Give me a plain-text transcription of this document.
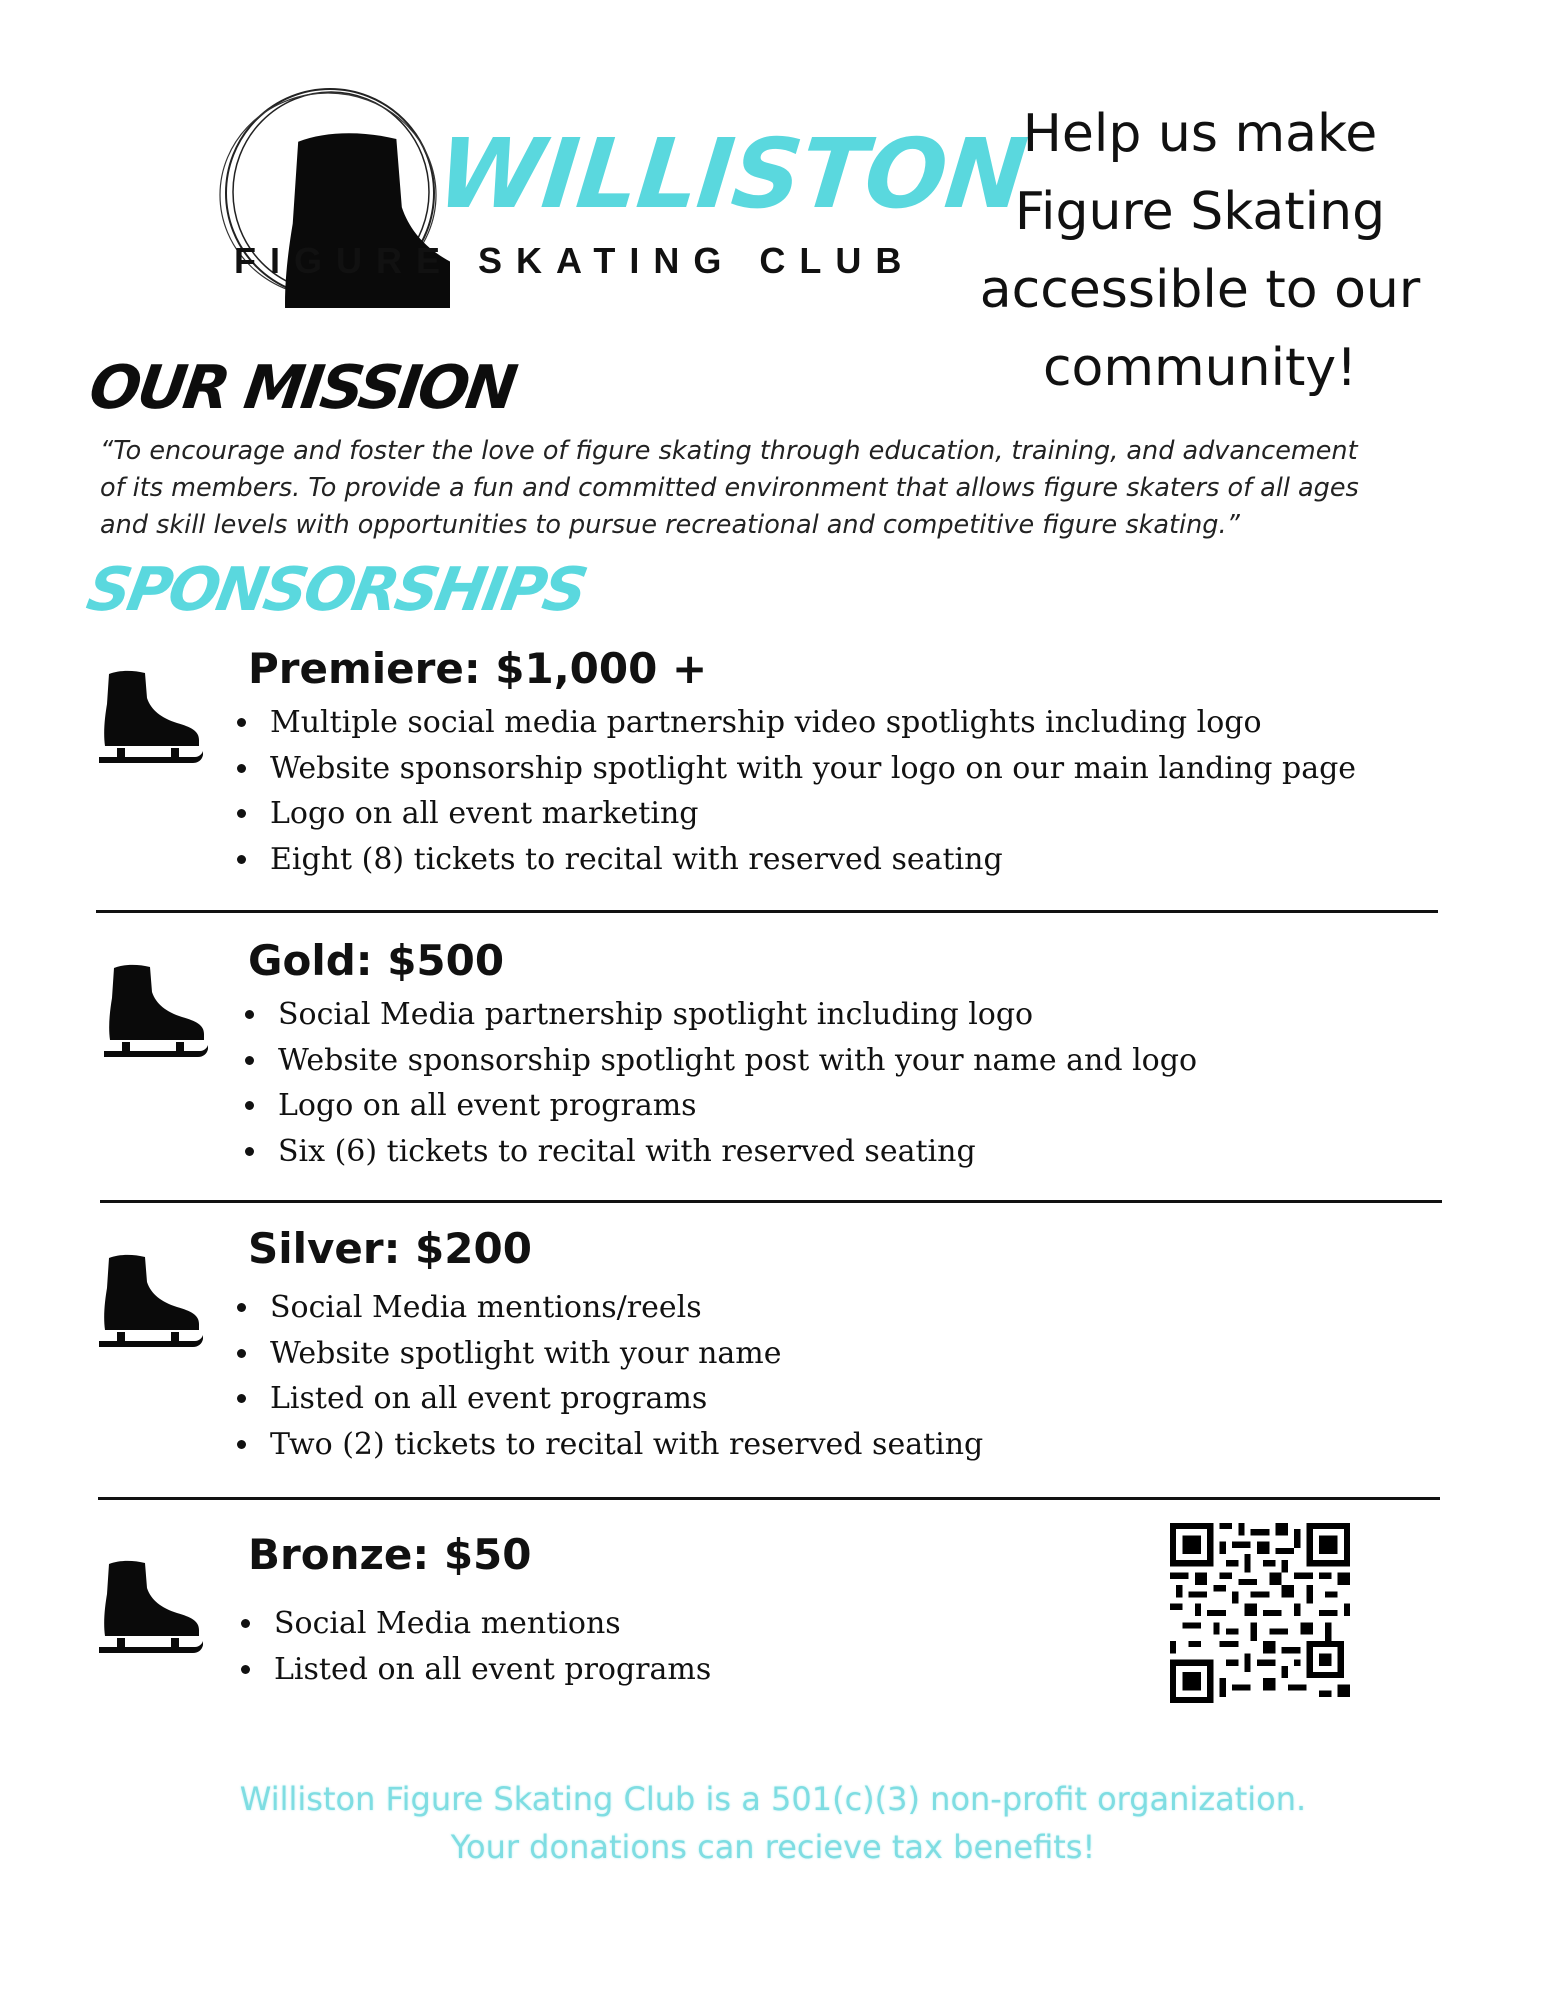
WILLISTON
FIGURE SKATING CLUB
Help us make
Figure Skating
accessible to our
community!
OUR MISSION
“To encourage and foster the love of figure skating through education, training, and advancement
of its members. To provide a fun and committed environment that allows figure skaters of all ages
and skill levels with opportunities to pursue recreational and competitive figure skating.”
SPONSORSHIPS
Premiere: $1,000 +
• Multiple social media partnership video spotlights including logo
• Website sponsorship spotlight with your logo on our main landing page
• Logo on all event marketing
• Eight (8) tickets to recital with reserved seating
Gold: $500
• Social Media partnership spotlight including logo
• Website sponsorship spotlight post with your name and logo
• Logo on all event programs
• Six (6) tickets to recital with reserved seating
Silver: $200
• Social Media mentions/reels
• Website spotlight with your name
• Listed on all event programs
• Two (2) tickets to recital with reserved seating
Bronze: $50
• Social Media mentions
• Listed on all event programs
Williston Figure Skating Club is a 501(c)(3) non-profit organization.
Your donations can recieve tax benefits!
